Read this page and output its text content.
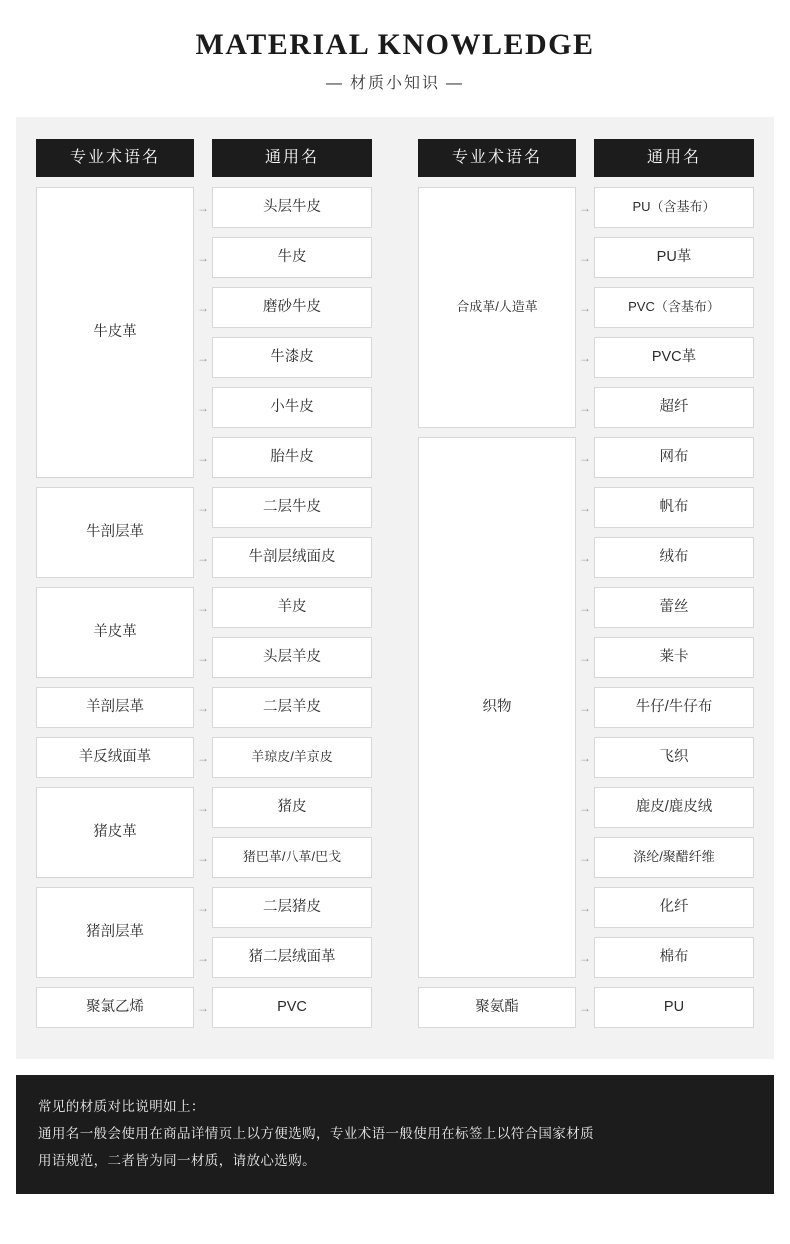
MATERIAL KNOWLEDGE
— 材质小知识 —
专业术语名
牛皮革
牛剖层革
羊皮革
羊剖层革
羊反绒面革
猪皮革
猪剖层革
聚氯乙烯
→
→
→
→
→
→
→
→
→
→
→
→
→
→
→
→
→
通用名
头层牛皮
牛皮
磨砂牛皮
牛漆皮
小牛皮
胎牛皮
二层牛皮
牛剖层绒面皮
羊皮
头层羊皮
二层羊皮
羊琼皮/羊京皮
猪皮
猪巴革/八革/巴戈
二层猪皮
猪二层绒面革
PVC
专业术语名
合成革/人造革
织物
聚氨酯
→
→
→
→
→
→
→
→
→
→
→
→
→
→
→
→
→
通用名
PU（含基布）
PU革
PVC（含基布）
PVC革
超纤
网布
帆布
绒布
蕾丝
莱卡
牛仔/牛仔布
飞织
鹿皮/鹿皮绒
涤纶/聚醋纤维
化纤
棉布
PU
常见的材质对比说明如上：
通用名一般会使用在商品详情页上以方便选购，专业术语一般使用在标签上以符合国家材质
用语规范，二者皆为同一材质，请放心选购。
